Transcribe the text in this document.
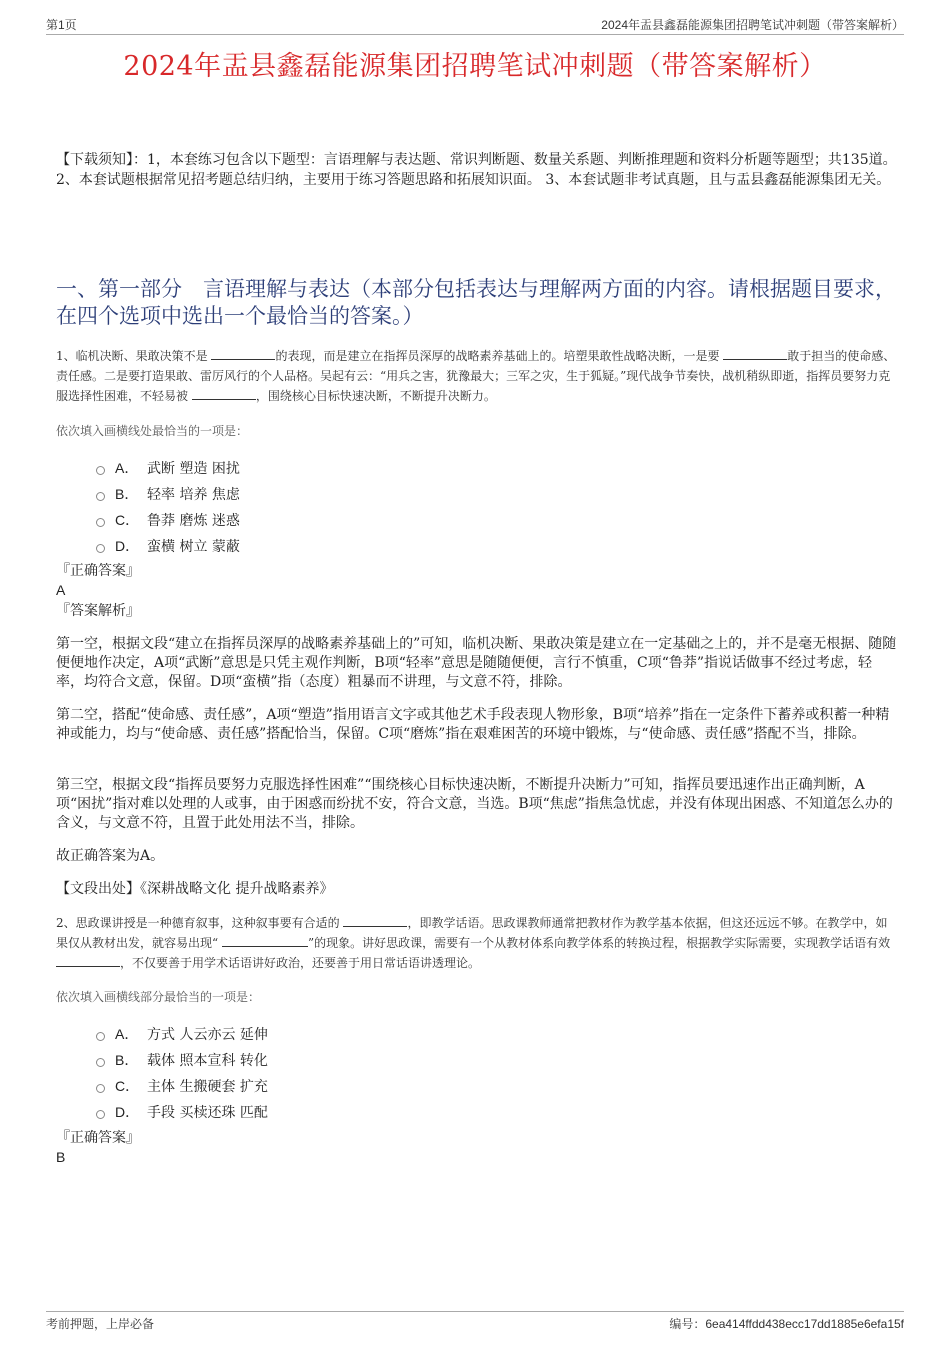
第1页	2024年盂县鑫磊能源集团招聘笔试冲刺题（带答案解析）
2024年盂县鑫磊能源集团招聘笔试冲刺题（带答案解析）
【下载须知】：1，本套练习包含以下题型：言语理解与表达题、常识判断题、数量关系题、判断推理题和资料分析题等题型；共135道。 2、本套试题根据常见招考题总结归纳，主要用于练习答题思路和拓展知识面。 3、本套试题非考试真题，且与盂县鑫磊能源集团无关。
一、第一部分　言语理解与表达（本部分包括表达与理解两方面的内容。请根据题目要求，在四个选项中选出一个最恰当的答案。）
1、临机决断、果敢决策不是	的表现，而是建立在指挥员深厚的战略素养基础上的。培塑果敢性战略决断，一是要	敢于担当的使命感、责任感。二是要打造果敢、雷厉风行的个人品格。吴起有云：“用兵之害，犹豫最大；三军之灾，生于狐疑。”现代战争节奏快，战机稍纵即逝，指挥员要努力克服选择性困难，不轻易被	，围绕核心目标快速决断，不断提升决断力。
依次填入画横线处最恰当的一项是：
A． 武断 塑造 困扰
B． 轻率 培养 焦虑
C． 鲁莽 磨炼 迷惑
D． 蛮横 树立 蒙蔽
『正确答案』
A
『答案解析』
第一空，根据文段“建立在指挥员深厚的战略素养基础上的”可知，临机决断、果敢决策是建立在一定基础之上的，并不是毫无根据、随随便便地作决定，A项“武断”意思是只凭主观作判断，B项“轻率”意思是随随便便，言行不慎重，C项“鲁莽”指说话做事不经过考虑，轻率，均符合文意，保留。D项“蛮横”指（态度）粗暴而不讲理，与文意不符，排除。
第二空，搭配“使命感、责任感”，A项“塑造”指用语言文字或其他艺术手段表现人物形象，B项“培养”指在一定条件下蓄养或积蓄一种精神或能力，均与“使命感、责任感”搭配恰当，保留。C项“磨炼”指在艰难困苦的环境中锻炼，与“使命感、责任感”搭配不当，排除。
第三空，根据文段“指挥员要努力克服选择性困难”“围绕核心目标快速决断，不断提升决断力”可知，指挥员要迅速作出正确判断，A项“困扰”指对难以处理的人或事，由于困惑而纷扰不安，符合文意，当选。B项“焦虑”指焦急忧虑，并没有体现出困惑、不知道怎么办的含义，与文意不符，且置于此处用法不当，排除。
故正确答案为A。
【文段出处】《深耕战略文化 提升战略素养》
2、思政课讲授是一种德育叙事，这种叙事要有合适的	，即教学话语。思政课教师通常把教材作为教学基本依据，但这还远远不够。在教学中，如果仅从教材出发，就容易出现“	”的现象。讲好思政课，需要有一个从教材体系向教学体系的转换过程，根据教学实际需要，实现教学话语有效 ，不仅要善于用学术话语讲好政治，还要善于用日常话语讲透理论。
依次填入画横线部分最恰当的一项是：
A． 方式 人云亦云 延伸
B． 载体 照本宣科 转化
C． 主体 生搬硬套 扩充
D． 手段 买椟还珠 匹配
『正确答案』
B
考前押题，上岸必备	编号：6ea414ffdd438ecc17dd1885e6efa15f
